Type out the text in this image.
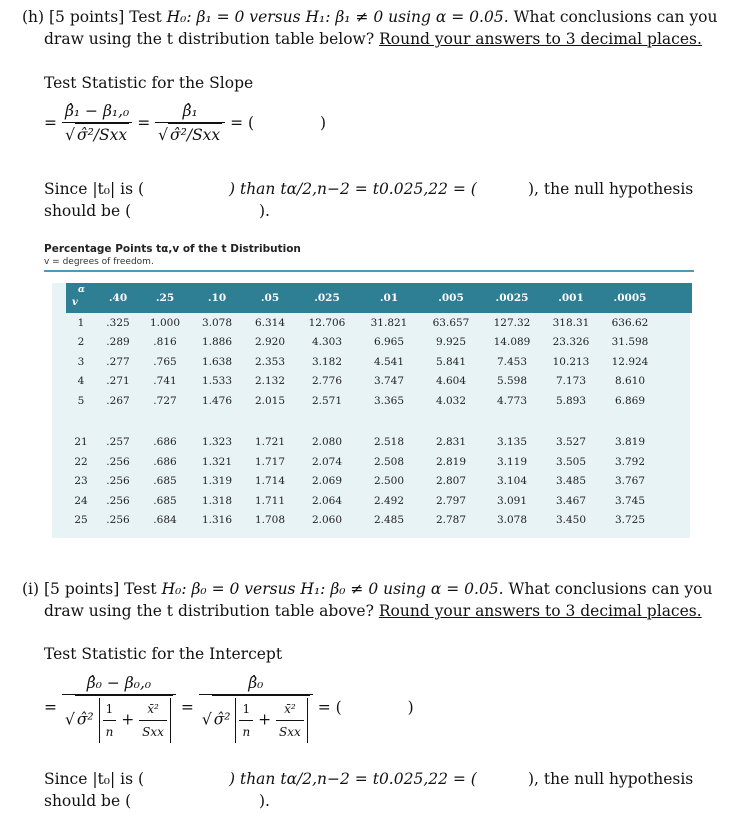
(h) [5 points] Test H₀: β₁ = 0 versus H₁: β₁ ≠ 0 using α = 0.05. What conclusions can you
draw using the t distribution table below? Round your answers to 3 decimal places.
Test Statistic for the Slope
= $\frac{\text{β̂₁ − β₁,₀}}{\text{√ σ̂²/Sxx}} = \frac{\text{β̂₁}}{\text{√ σ̂²/Sxx}}$ = (	)
Since |t₀| is (	) than tα/2,n−2 = t0.025,22 = (	), the null hypothesis
should be (	).
Percentage Points tα,v of the t Distribution
v = degrees of freedom.
α
v	.40	.25	.10	.05	.025	.01	.005	.0025	.001	.0005
1	.325	1.000	3.078	6.314	12.706	31.821	63.657	127.32	318.31	636.62
2	.289	.816	1.886	2.920	4.303	6.965	9.925	14.089	23.326	31.598
3	.277	.765	1.638	2.353	3.182	4.541	5.841	7.453	10.213	12.924
4	.271	.741	1.533	2.132	2.776	3.747	4.604	5.598	7.173	8.610
5	.267	.727	1.476	2.015	2.571	3.365	4.032	4.773	5.893	6.869

21	.257	.686	1.323	1.721	2.080	2.518	2.831	3.135	3.527	3.819
22	.256	.686	1.321	1.717	2.074	2.508	2.819	3.119	3.505	3.792
23	.256	.685	1.319	1.714	2.069	2.500	2.807	3.104	3.485	3.767
24	.256	.685	1.318	1.711	2.064	2.492	2.797	3.091	3.467	3.745
25	.256	.684	1.316	1.708	2.060	2.485	2.787	3.078	3.450	3.725
(i) [5 points] Test H₀: β₀ = 0 versus H₁: β₀ ≠ 0 using α = 0.05. What conclusions can you
draw using the t distribution table above? Round your answers to 3 decimal places.
Test Statistic for the Intercept
= $\frac{\text{β̂₀ − β₀,₀}}{√ \sigmâ^2 \frac{1}{n} + \frac{\text{x̄²}}{\text{Sxx}}} = \frac{\text{β̂₀}}{√ \sigmâ^2 \frac{1}{n} + \frac{\text{x̄²}}{\text{Sxx}}}$ = (	)
Since |t₀| is (	) than tα/2,n−2 = t0.025,22 = (	), the null hypothesis
should be (	).
